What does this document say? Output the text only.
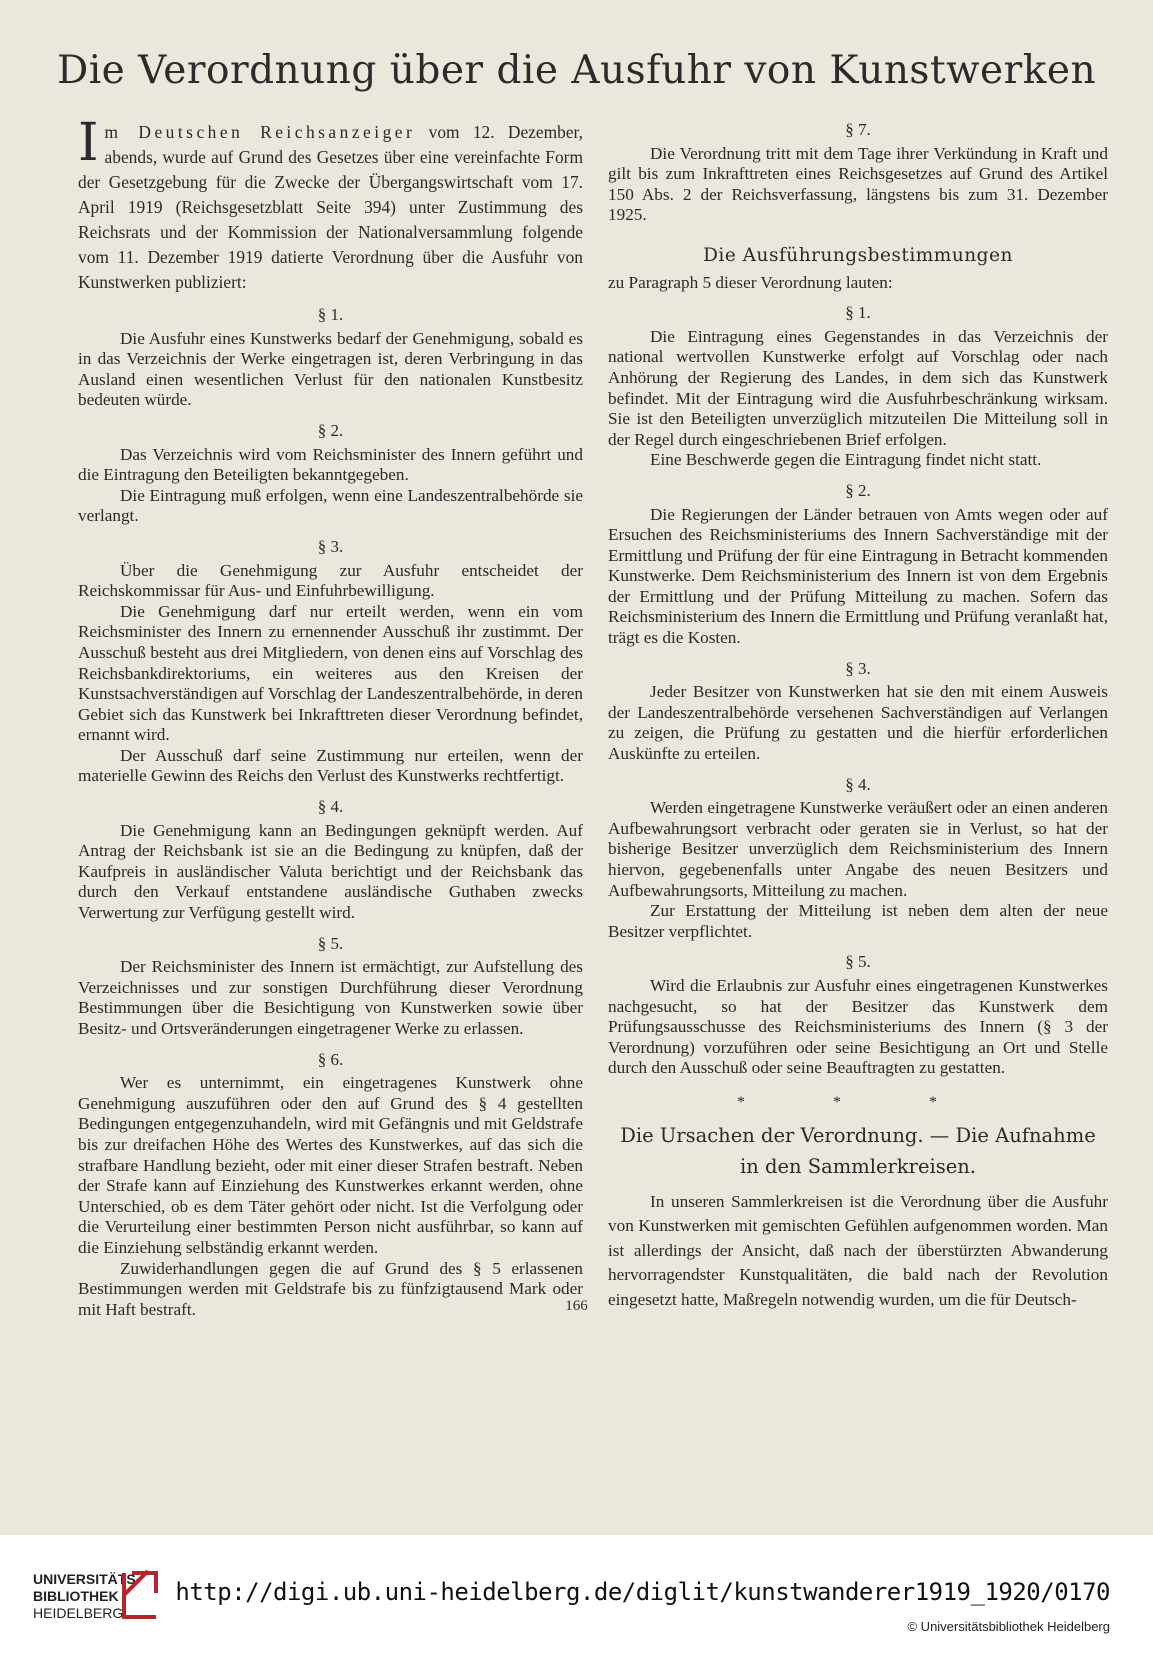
Die Verordnung über die Ausfuhr von Kunstwerken

Im Deutschen Reichsanzeiger vom 12. Dezember, abends, wurde auf Grund des Gesetzes über eine vereinfachte Form der Gesetzgebung für die Zwecke der Übergangswirtschaft vom 17. April 1919 (Reichsgesetzblatt Seite 394) unter Zustimmung des Reichsrats und der Kommission der Nationalversammlung folgende vom 11. Dezember 1919 datierte Verordnung über die Ausfuhr von Kunstwerken publiziert:

§ 1.

Die Ausfuhr eines Kunstwerks bedarf der Genehmigung, sobald es in das Verzeichnis der Werke eingetragen ist, deren Verbringung in das Ausland einen wesentlichen Verlust für den nationalen Kunstbesitz bedeuten würde.

§ 2.

Das Verzeichnis wird vom Reichsminister des Innern geführt und die Eintragung den Beteiligten bekanntgegeben.

Die Eintragung muß erfolgen, wenn eine Landeszentralbehörde sie verlangt.

§ 3.

Über die Genehmigung zur Ausfuhr entscheidet der Reichskommissar für Aus- und Einfuhrbewilligung.

Die Genehmigung darf nur erteilt werden, wenn ein vom Reichsminister des Innern zu ernennender Ausschuß ihr zustimmt. Der Ausschuß besteht aus drei Mitgliedern, von denen eins auf Vorschlag des Reichsbankdirektoriums, ein weiteres aus den Kreisen der Kunstsachverständigen auf Vorschlag der Landeszentralbehörde, in deren Gebiet sich das Kunstwerk bei Inkrafttreten dieser Verordnung befindet, ernannt wird.

Der Ausschuß darf seine Zustimmung nur erteilen, wenn der materielle Gewinn des Reichs den Verlust des Kunstwerks rechtfertigt.

§ 4.

Die Genehmigung kann an Bedingungen geknüpft werden. Auf Antrag der Reichsbank ist sie an die Bedingung zu knüpfen, daß der Kaufpreis in ausländischer Valuta berichtigt und der Reichsbank das durch den Verkauf entstandene ausländische Guthaben zwecks Verwertung zur Verfügung gestellt wird.

§ 5.

Der Reichsminister des Innern ist ermächtigt, zur Aufstellung des Verzeichnisses und zur sonstigen Durchführung dieser Verordnung Bestimmungen über die Besichtigung von Kunstwerken sowie über Besitz- und Ortsveränderungen eingetragener Werke zu erlassen.

§ 6.

Wer es unternimmt, ein eingetragenes Kunstwerk ohne Genehmigung auszuführen oder den auf Grund des § 4 gestellten Bedingungen entgegenzuhandeln, wird mit Gefängnis und mit Geldstrafe bis zur dreifachen Höhe des Wertes des Kunstwerkes, auf das sich die strafbare Handlung bezieht, oder mit einer dieser Strafen bestraft. Neben der Strafe kann auf Einziehung des Kunstwerkes erkannt werden, ohne Unterschied, ob es dem Täter gehört oder nicht. Ist die Verfolgung oder die Verurteilung einer bestimmten Person nicht ausführbar, so kann auf die Einziehung selbständig erkannt werden.

Zuwiderhandlungen gegen die auf Grund des § 5 erlassenen Bestimmungen werden mit Geldstrafe bis zu fünfzigtausend Mark oder mit Haft bestraft.

§ 7.

Die Verordnung tritt mit dem Tage ihrer Verkündung in Kraft und gilt bis zum Inkrafttreten eines Reichsgesetzes auf Grund des Artikel 150 Abs. 2 der Reichsverfassung, längstens bis zum 31. Dezember 1925.

Die Ausführungsbestimmungen

zu Paragraph 5 dieser Verordnung lauten:

§ 1.

Die Eintragung eines Gegenstandes in das Verzeichnis der national wertvollen Kunstwerke erfolgt auf Vorschlag oder nach Anhörung der Regierung des Landes, in dem sich das Kunstwerk befindet. Mit der Eintragung wird die Ausfuhrbeschränkung wirksam. Sie ist den Beteiligten unverzüglich mitzuteilen Die Mitteilung soll in der Regel durch eingeschriebenen Brief erfolgen.

Eine Beschwerde gegen die Eintragung findet nicht statt.

§ 2.

Die Regierungen der Länder betrauen von Amts wegen oder auf Ersuchen des Reichsministeriums des Innern Sachverständige mit der Ermittlung und Prüfung der für eine Eintragung in Betracht kommenden Kunstwerke. Dem Reichsministerium des Innern ist von dem Ergebnis der Ermittlung und der Prüfung Mitteilung zu machen. Sofern das Reichsministerium des Innern die Ermittlung und Prüfung veranlaßt hat, trägt es die Kosten.

§ 3.

Jeder Besitzer von Kunstwerken hat sie den mit einem Ausweis der Landeszentralbehörde versehenen Sachverständigen auf Verlangen zu zeigen, die Prüfung zu gestatten und die hierfür erforderlichen Auskünfte zu erteilen.

§ 4.

Werden eingetragene Kunstwerke veräußert oder an einen anderen Aufbewahrungsort verbracht oder geraten sie in Verlust, so hat der bisherige Besitzer unverzüglich dem Reichsministerium des Innern hiervon, gegebenenfalls unter Angabe des neuen Besitzers und Aufbewahrungsorts, Mitteilung zu machen.

Zur Erstattung der Mitteilung ist neben dem alten der neue Besitzer verpflichtet.

§ 5.

Wird die Erlaubnis zur Ausfuhr eines eingetragenen Kunstwerkes nachgesucht, so hat der Besitzer das Kunstwerk dem Prüfungsausschusse des Reichsministeriums des Innern (§ 3 der Verordnung) vorzuführen oder seine Besichtigung an Ort und Stelle durch den Ausschuß oder seine Beauftragten zu gestatten.

* * *
Die Ursachen der Verordnung. — Die Aufnahme in den Sammlerkreisen.

In unseren Sammlerkreisen ist die Verordnung über die Ausfuhr von Kunstwerken mit gemischten Gefühlen aufgenommen worden. Man ist allerdings der Ansicht, daß nach der überstürzten Abwanderung hervorragendster Kunstqualitäten, die bald nach der Revolution eingesetzt hatte, Maßregeln notwendig wurden, um die für Deutsch-

166
UNIVERSITÄTS-
BIBLIOTHEK
HEIDELBERG
http://digi.ub.uni-heidelberg.de/diglit/kunstwanderer1919_1920/0170
© Universitätsbibliothek Heidelberg
